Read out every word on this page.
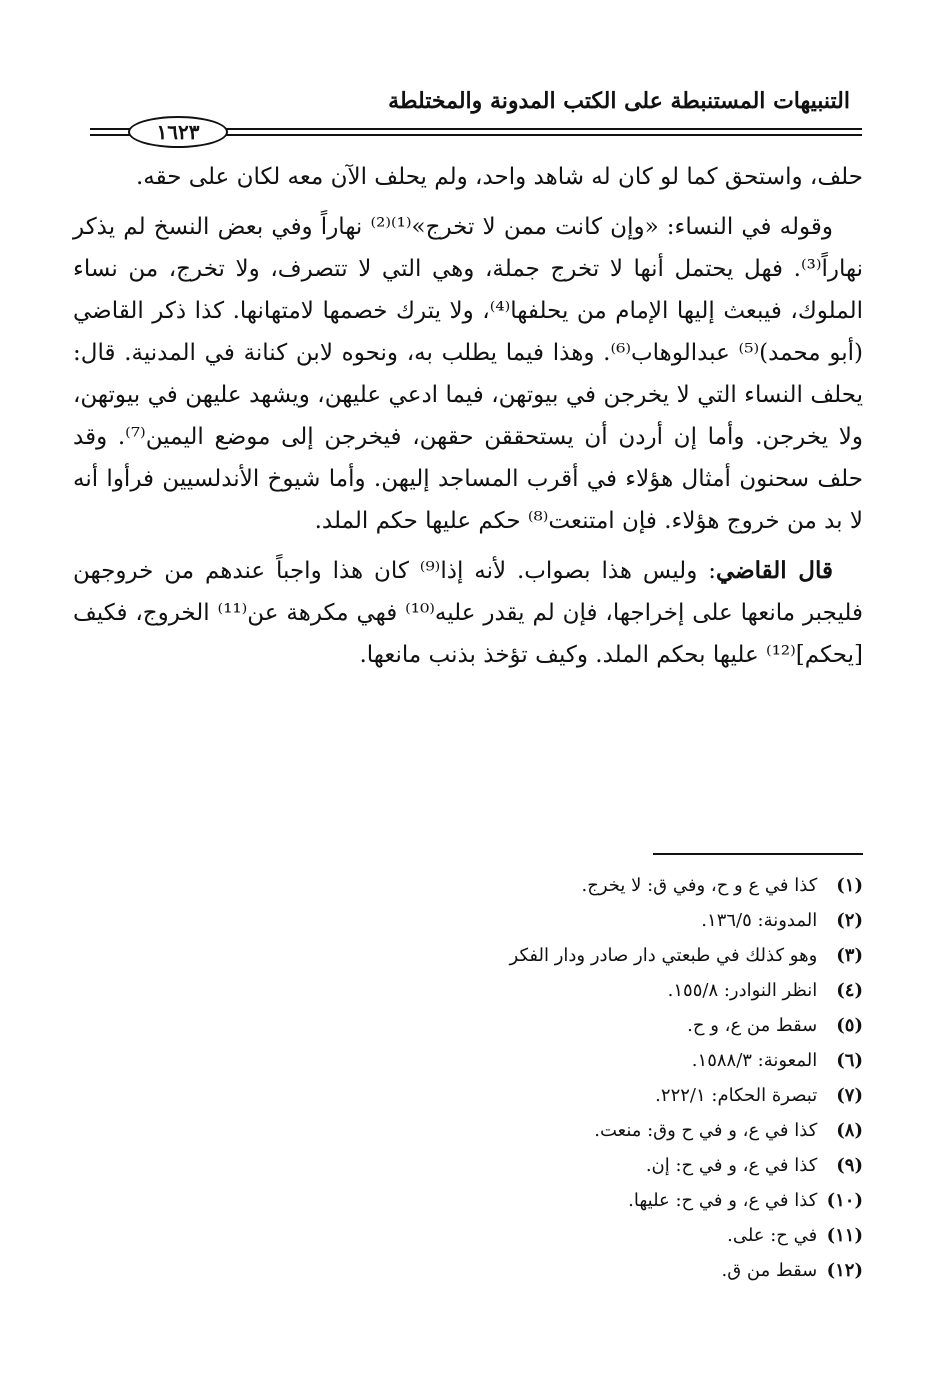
التنبيهات المستنبطة على الكتب المدونة والمختلطة
١٦٢٣

حلف، واستحق كما لو كان له شاهد واحد، ولم يحلف الآن معه لكان على حقه.

وقوله في النساء: «وإن كانت ممن لا تخرج»⁽¹⁾⁽²⁾ نهاراً وفي بعض النسخ لم يذكر نهاراً⁽³⁾. فهل يحتمل أنها لا تخرج جملة، وهي التي لا تتصرف، ولا تخرج، من نساء الملوك، فيبعث إليها الإمام من يحلفها⁽⁴⁾، ولا يترك خصمها لامتهانها. كذا ذكر القاضي (أبو محمد)⁽⁵⁾ عبدالوهاب⁽⁶⁾. وهذا فيما يطلب به، ونحوه لابن كنانة في المدنية. قال: يحلف النساء التي لا يخرجن في بيوتهن، فيما ادعي عليهن، ويشهد عليهن في بيوتهن، ولا يخرجن. وأما إن أردن أن يستحققن حقهن، فيخرجن إلى موضع اليمين⁽⁷⁾. وقد حلف سحنون أمثال هؤلاء في أقرب المساجد إليهن. وأما شيوخ الأندلسيين فرأوا أنه لا بد من خروج هؤلاء. فإن امتنعت⁽⁸⁾ حكم عليها حكم الملد.

قال القاضي: وليس هذا بصواب. لأنه إذا⁽⁹⁾ كان هذا واجباً عندهم من خروجهن فليجبر مانعها على إخراجها، فإن لم يقدر عليه⁽¹⁰⁾ فهي مكرهة عن⁽¹¹⁾ الخروج، فكيف [يحكم]⁽¹²⁾ عليها بحكم الملد. وكيف تؤخذ بذنب مانعها.

(١) كذا في ع و ح، وفي ق: لا يخرج.
(٢) المدونة: ١٣٦/٥.
(٣) وهو كذلك في طبعتي دار صادر ودار الفكر
(٤) انظر النوادر: ١٥٥/٨.
(٥) سقط من ع، و ح.
(٦) المعونة: ١٥٨٨/٣.
(٧) تبصرة الحكام: ٢٢٢/١.
(٨) كذا في ع، و في ح وق: منعت.
(٩) كذا في ع، و في ح: إن.
(١٠) كذا في ع، و في ح: عليها.
(١١) في ح: على.
(١٢) سقط من ق.
